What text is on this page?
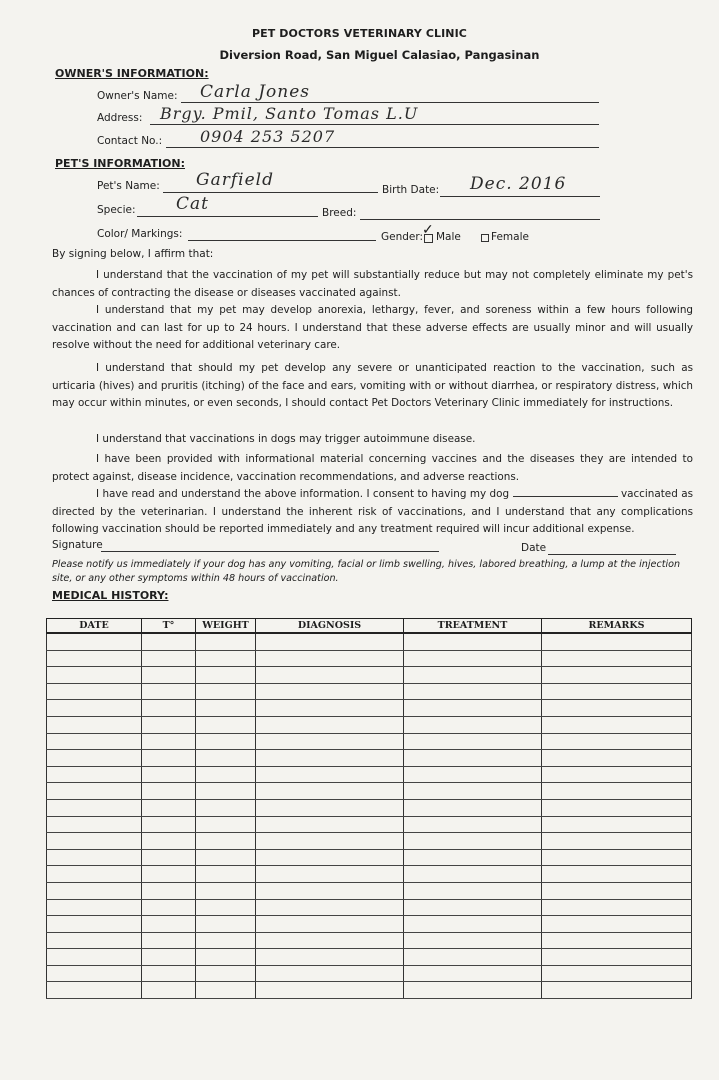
PET DOCTORS VETERINARY CLINIC
Diversion Road, San Miguel Calasiao, Pangasinan
OWNER'S INFORMATION:
Owner's Name: Carla Jones
Address: Brgy. Pmil, Santo Tomas L.U
Contact No.: 0904 253 5207
PET'S INFORMATION:
Pet's Name: Garfield	Birth Date: Dec. 2016
Specie: Cat	Breed:
Color/ Markings:	Gender:
✓ Male	Female
By signing below, I affirm that:
I understand that the vaccination of my pet will substantially reduce but may not completely eliminate my pet's chances of contracting the disease or diseases vaccinated against.
I understand that my pet may develop anorexia, lethargy, fever, and soreness within a few hours following vaccination and can last for up to 24 hours. I understand that these adverse effects are usually minor and will usually resolve without the need for additional veterinary care.
I understand that should my pet develop any severe or unanticipated reaction to the vaccination, such as urticaria (hives) and pruritis (itching) of the face and ears, vomiting with or without diarrhea, or respiratory distress, which may occur within minutes, or even seconds, I should contact Pet Doctors Veterinary Clinic immediately for instructions.
I understand that vaccinations in dogs may trigger autoimmune disease.
I have been provided with informational material concerning vaccines and the diseases they are intended to protect against, disease incidence, vaccination recommendations, and adverse reactions.
I have read and understand the above information. I consent to having my dog	vaccinated as directed by the veterinarian. I understand the inherent risk of vaccinations, and I understand that any complications following vaccination should be reported immediately and any treatment required will incur additional expense.
Signature	Date
Please notify us immediately if your dog has any vomiting, facial or limb swelling, hives, labored breathing, a lump at the injection site, or any other symptoms within 48 hours of vaccination.
MEDICAL HISTORY:
DATE	T°	WEIGHT	DIAGNOSIS	TREATMENT	REMARKS
